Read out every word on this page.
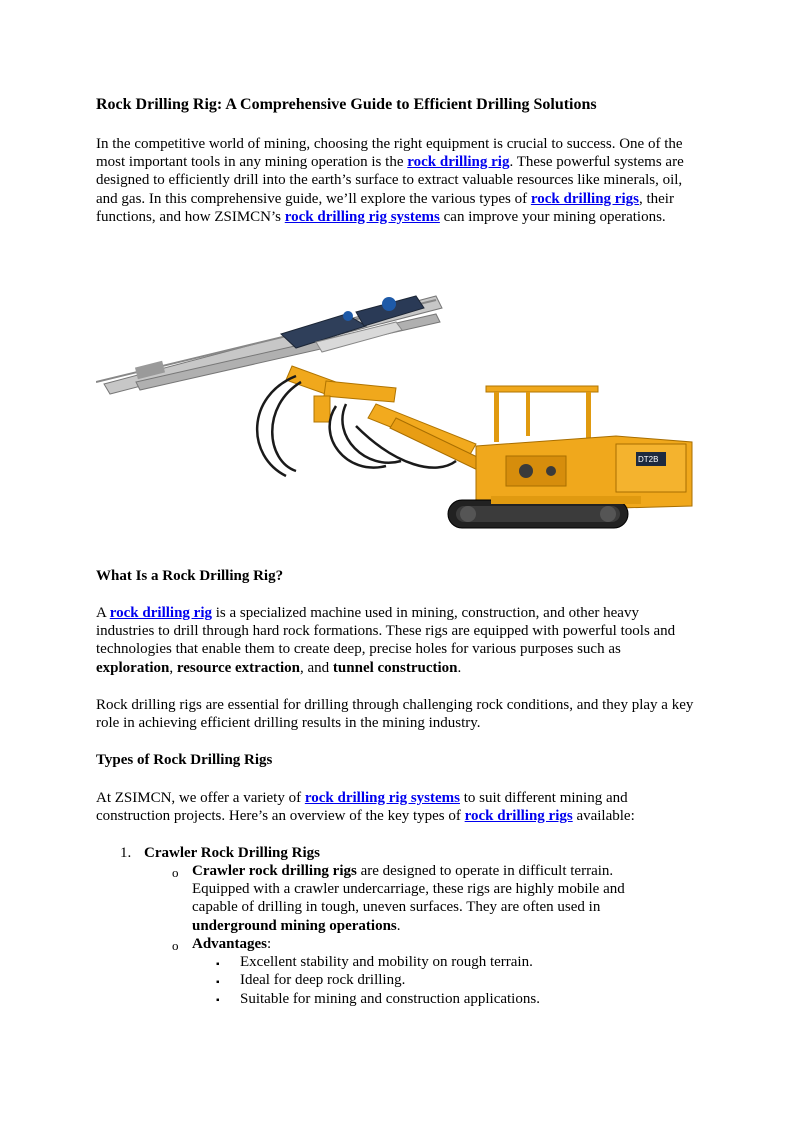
Rock Drilling Rig: A Comprehensive Guide to Efficient Drilling Solutions

In the competitive world of mining, choosing the right equipment is crucial to success. One of the most important tools in any mining operation is the rock drilling rig. These powerful systems are designed to efficiently drill into the earth’s surface to extract valuable resources like minerals, oil, and gas. In this comprehensive guide, we’ll explore the various types of rock drilling rigs, their functions, and how ZSIMCN’s rock drilling rig systems can improve your mining operations.

DT2B
What Is a Rock Drilling Rig?

A rock drilling rig is a specialized machine used in mining, construction, and other heavy industries to drill through hard rock formations. These rigs are equipped with powerful tools and technologies that enable them to create deep, precise holes for various purposes such as exploration, resource extraction, and tunnel construction.

Rock drilling rigs are essential for drilling through challenging rock conditions, and they play a key role in achieving efficient drilling results in the mining industry.

Types of Rock Drilling Rigs

At ZSIMCN, we offer a variety of rock drilling rig systems to suit different mining and construction projects. Here’s an overview of the key types of rock drilling rigs available:

1. Crawler Rock Drilling Rigs
o Crawler rock drilling rigs are designed to operate in difficult terrain. Equipped with a crawler undercarriage, these rigs are highly mobile and capable of drilling in tough, uneven surfaces. They are often used in underground mining operations.

o Advantages:

▪ Excellent stability and mobility on rough terrain.
▪ Ideal for deep rock drilling.
▪ Suitable for mining and construction applications.
